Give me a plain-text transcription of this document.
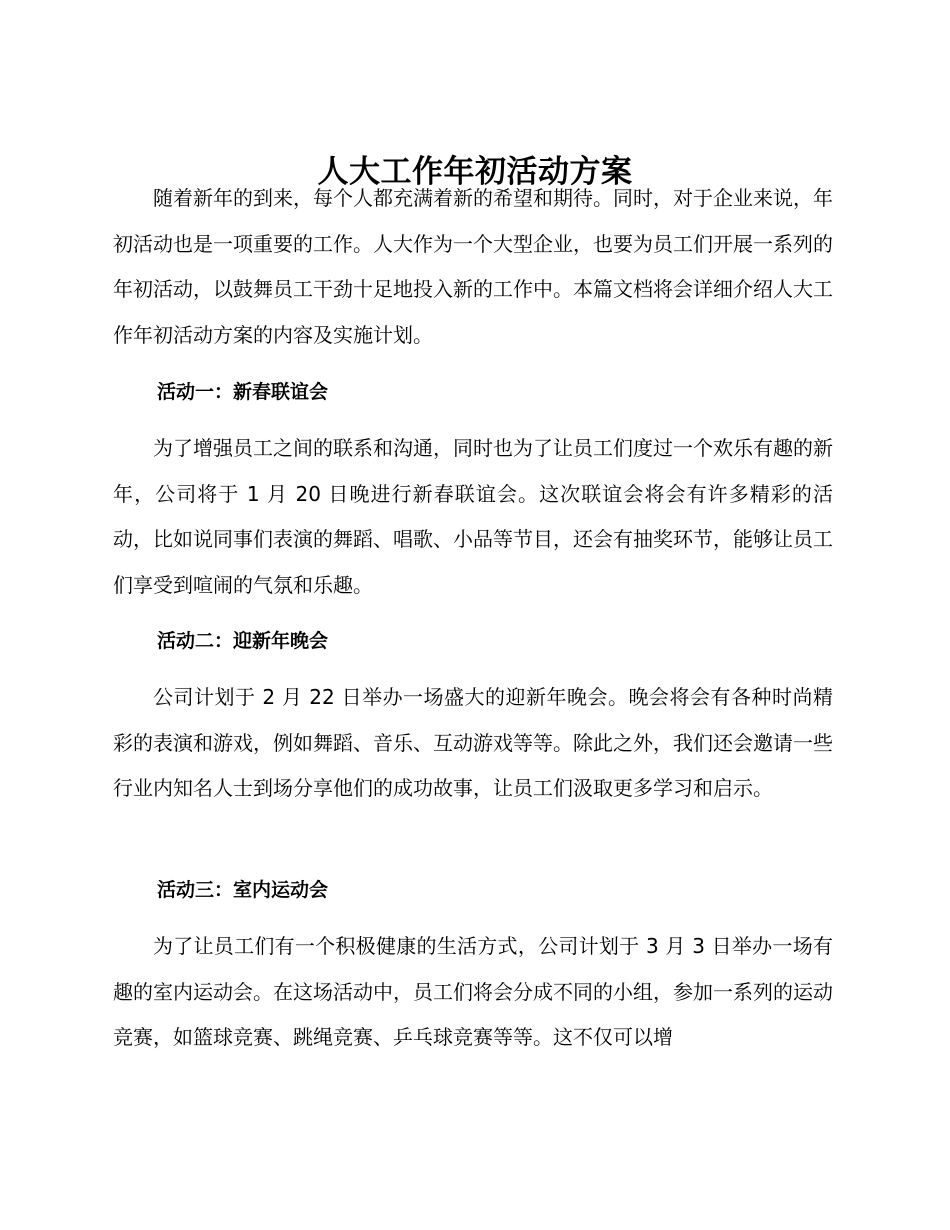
人大工作年初活动方案

随着新年的到来，每个人都充满着新的希望和期待。同时，对于企业来说，年初活动也是一项重要的工作。人大作为一个大型企业，也要为员工们开展一系列的年初活动，以鼓舞员工干劲十足地投入新的工作中。本篇文档将会详细介绍人大工作年初活动方案的内容及实施计划。

活动一：新春联谊会

为了增强员工之间的联系和沟通，同时也为了让员工们度过一个欢乐有趣的新年，公司将于 1 月 20 日晚进行新春联谊会。这次联谊会将会有许多精彩的活动，比如说同事们表演的舞蹈、唱歌、小品等节目，还会有抽奖环节，能够让员工们享受到喧闹的气氛和乐趣。

活动二：迎新年晚会

公司计划于 2 月 22 日举办一场盛大的迎新年晚会。晚会将会有各种时尚精彩的表演和游戏，例如舞蹈、音乐、互动游戏等等。除此之外，我们还会邀请一些行业内知名人士到场分享他们的成功故事，让员工们汲取更多学习和启示。

活动三：室内运动会

为了让员工们有一个积极健康的生活方式，公司计划于 3 月 3 日举办一场有趣的室内运动会。在这场活动中，员工们将会分成不同的小组，参加一系列的运动竞赛，如篮球竞赛、跳绳竞赛、乒乓球竞赛等等。这不仅可以增
